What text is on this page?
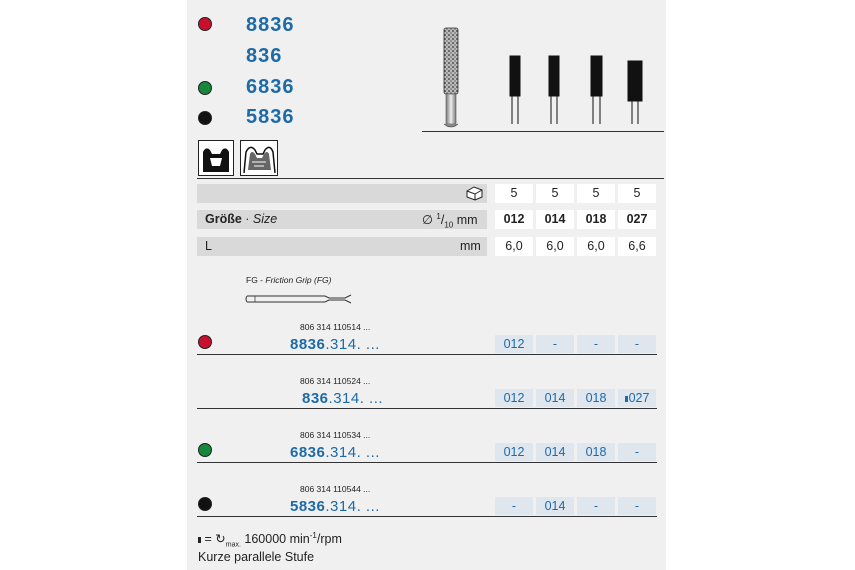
8836
836
6836
5836
5	5	5	5
Größe · Size	∅ $^1/_{10}$ mm	012	014	018	027
L	mm	6,0	6,0	6,0	6,6
FG - Friction Grip (FG)
806 314 110514 ...
8836.314. ...	012	-	-	-
806 314 110524 ...
836.314. ...	012	014	018	027
806 314 110534 ...
6836.314. ...	012	014	018	-
806 314 110544 ...
5836.314. ...	-	014	-	-
= $↻_{max.}$ 160000 $\min^{-1}$/rpm
Kurze parallele Stufe
